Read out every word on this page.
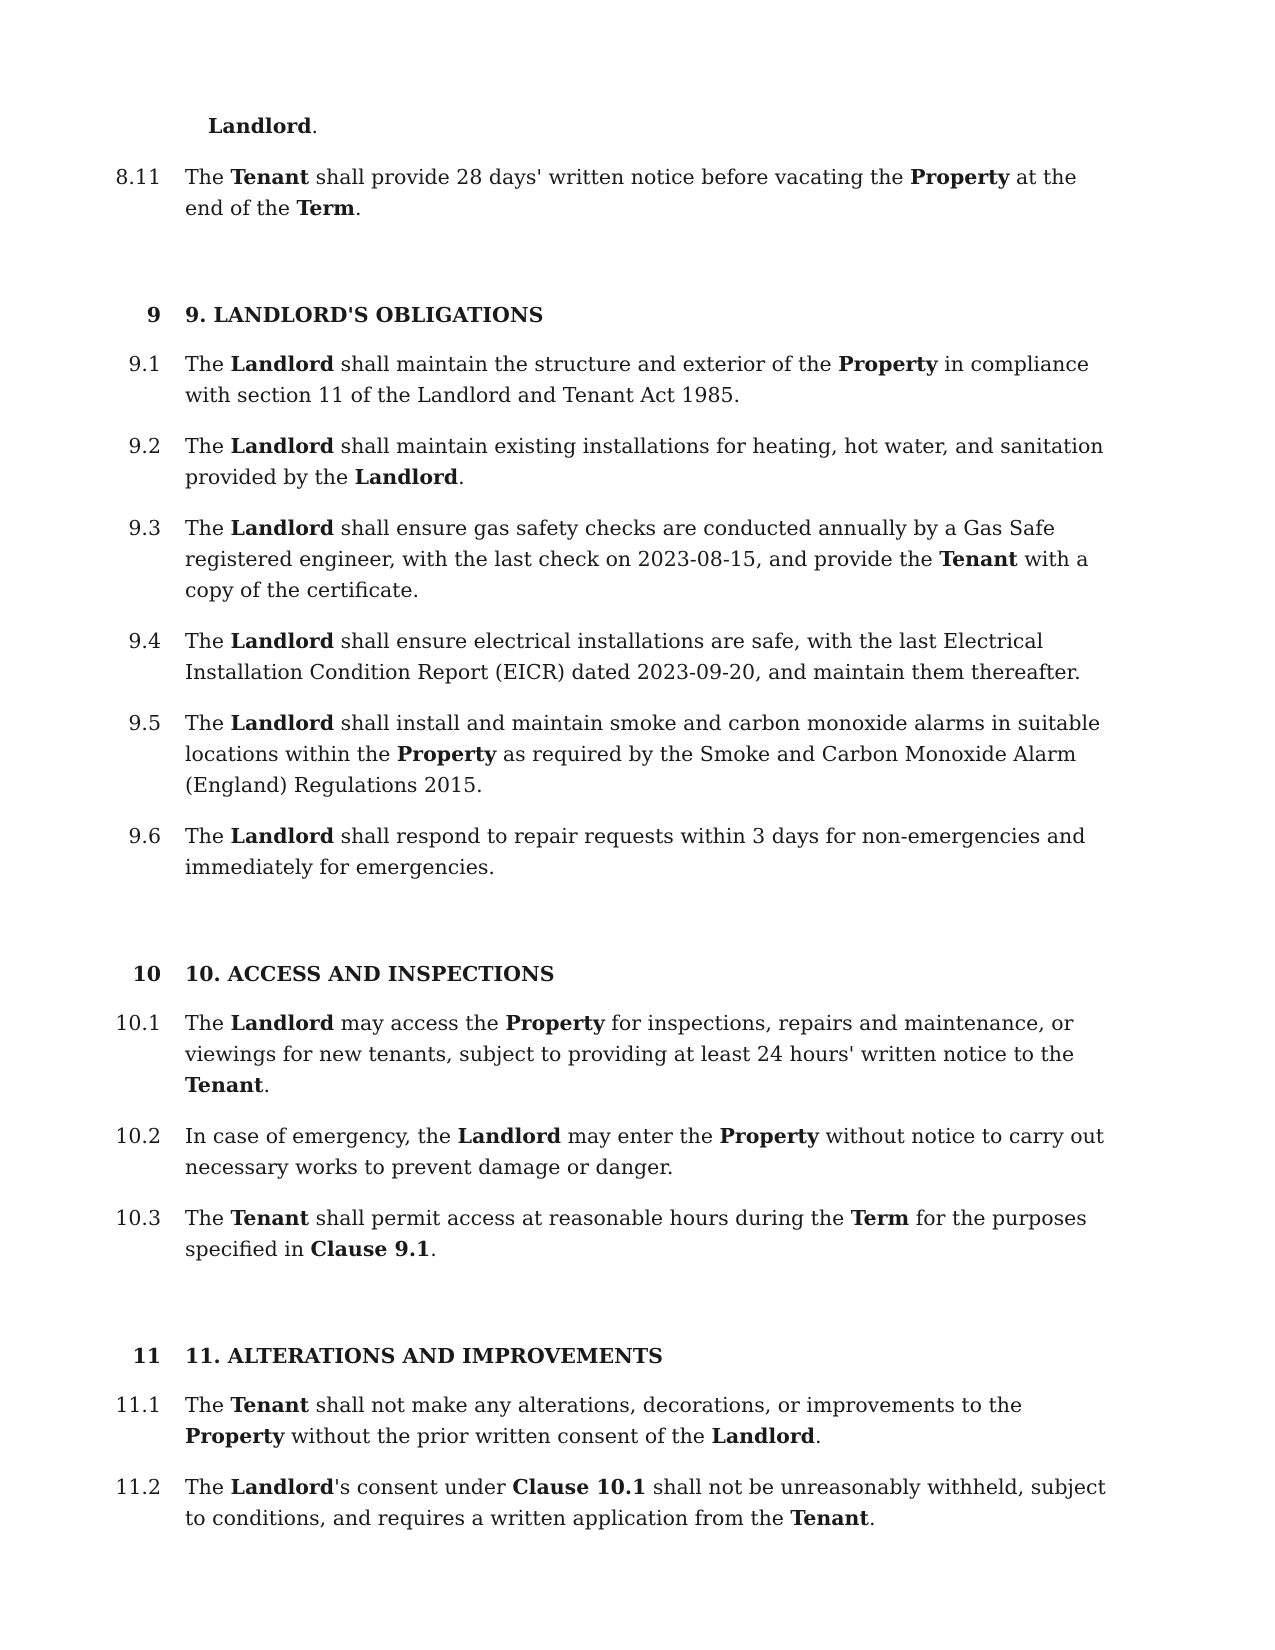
Landlord.
8.11	The Tenant shall provide 28 days' written notice before vacating the Property at the end of the Term.
9	9. LANDLORD'S OBLIGATIONS
9.1	The Landlord shall maintain the structure and exterior of the Property in compliance with section 11 of the Landlord and Tenant Act 1985.
9.2	The Landlord shall maintain existing installations for heating, hot water, and sanitation provided by the Landlord.
9.3	The Landlord shall ensure gas safety checks are conducted annually by a Gas Safe registered engineer, with the last check on 2023-08-15, and provide the Tenant with a copy of the certificate.
9.4	The Landlord shall ensure electrical installations are safe, with the last Electrical Installation Condition Report (EICR) dated 2023-09-20, and maintain them thereafter.
9.5	The Landlord shall install and maintain smoke and carbon monoxide alarms in suitable locations within the Property as required by the Smoke and Carbon Monoxide Alarm (England) Regulations 2015.
9.6	The Landlord shall respond to repair requests within 3 days for non-emergencies and immediately for emergencies.
10	10. ACCESS AND INSPECTIONS
10.1	The Landlord may access the Property for inspections, repairs and maintenance, or viewings for new tenants, subject to providing at least 24 hours' written notice to the Tenant.
10.2	In case of emergency, the Landlord may enter the Property without notice to carry out necessary works to prevent damage or danger.
10.3	The Tenant shall permit access at reasonable hours during the Term for the purposes specified in Clause 9.1.
11	11. ALTERATIONS AND IMPROVEMENTS
11.1	The Tenant shall not make any alterations, decorations, or improvements to the Property without the prior written consent of the Landlord.
11.2	The Landlord's consent under Clause 10.1 shall not be unreasonably withheld, subject to conditions, and requires a written application from the Tenant.
